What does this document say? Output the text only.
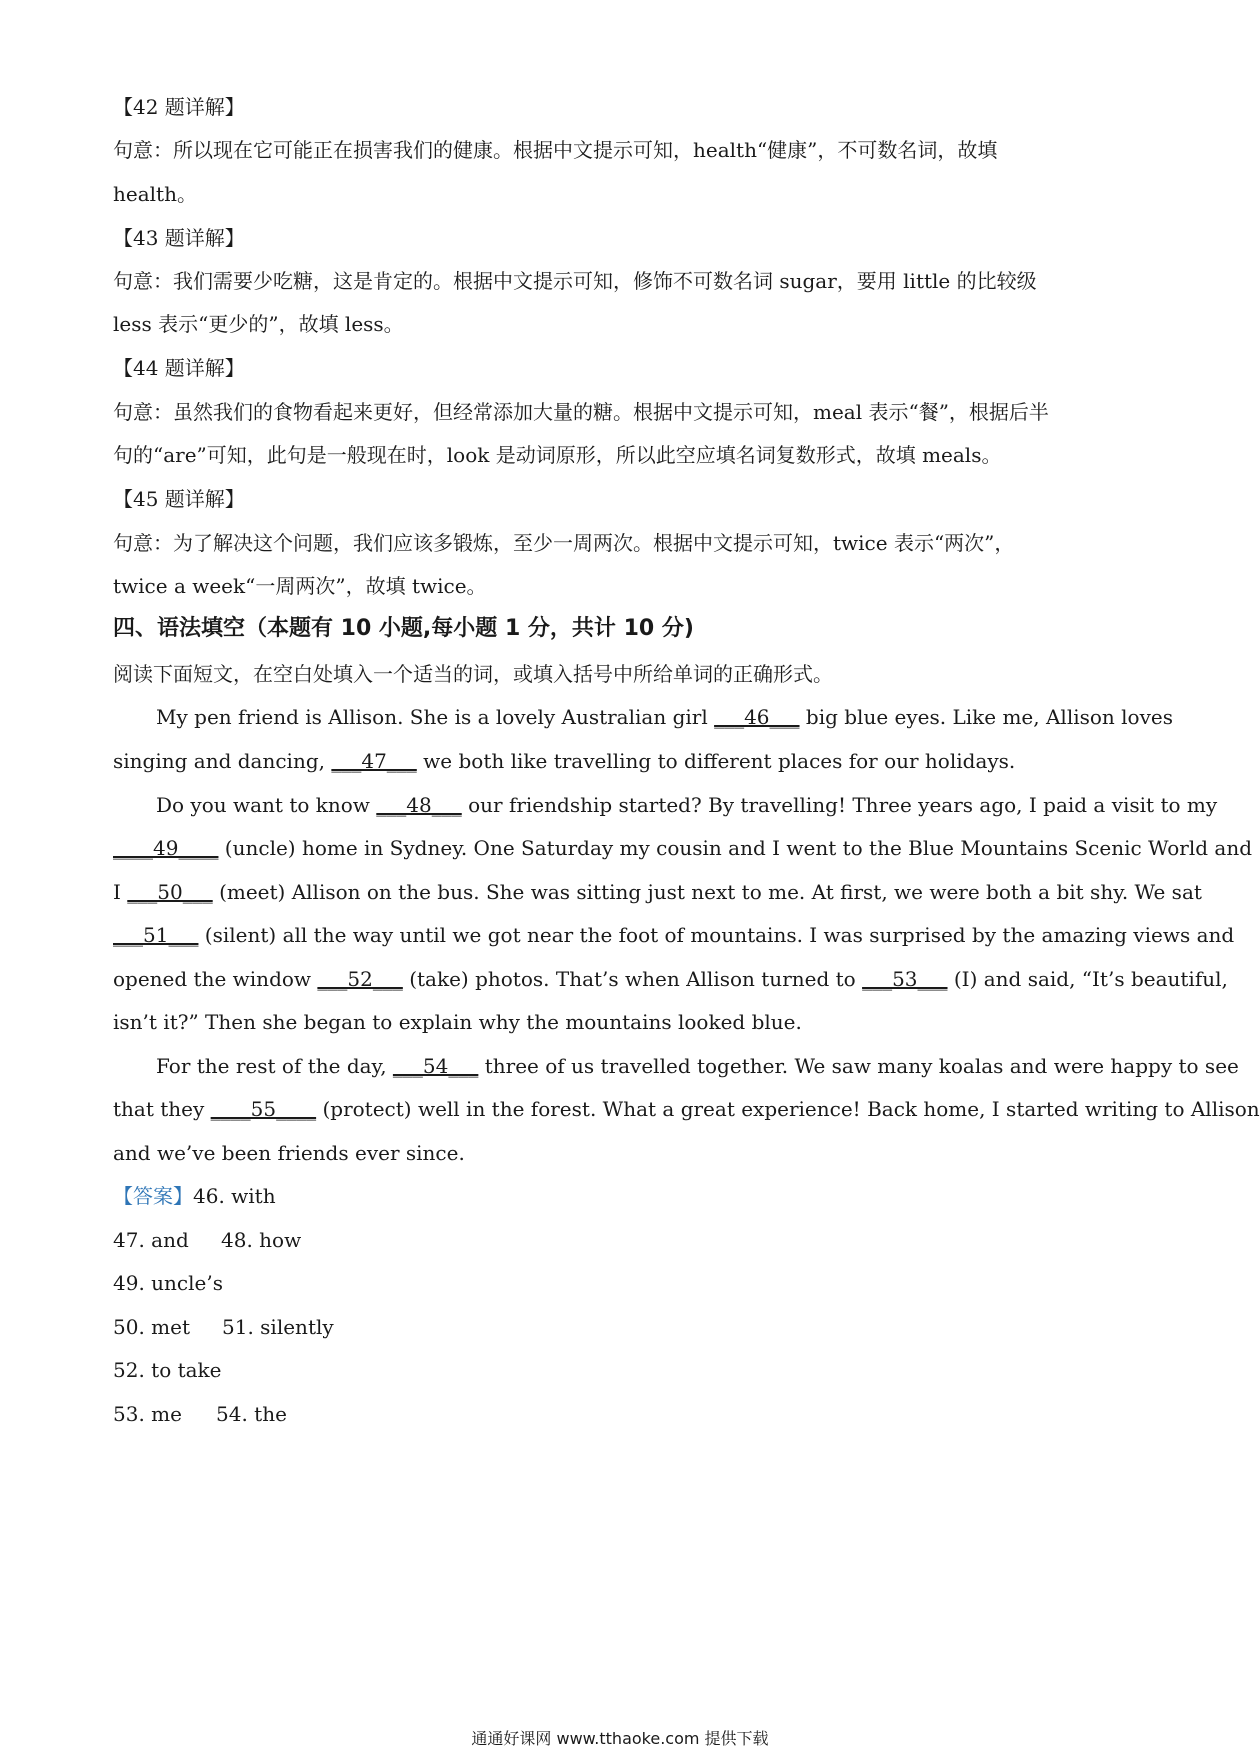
【42 题详解】
句意：所以现在它可能正在损害我们的健康。根据中文提示可知，health“健康”，不可数名词，故填
health。
【43 题详解】
句意：我们需要少吃糖，这是肯定的。根据中文提示可知，修饰不可数名词 sugar，要用 little 的比较级
less 表示“更少的”，故填 less。
【44 题详解】
句意：虽然我们的食物看起来更好，但经常添加大量的糖。根据中文提示可知，meal 表示“餐”，根据后半
句的“are”可知，此句是一般现在时，look 是动词原形，所以此空应填名词复数形式，故填 meals。
【45 题详解】
句意：为了解决这个问题，我们应该多锻炼，至少一周两次。根据中文提示可知，twice 表示“两次”，
twice a week“一周两次”，故填 twice。
四、语法填空（本题有 10 小题,每小题 1 分，共计 10 分)
阅读下面短文，在空白处填入一个适当的词，或填入括号中所给单词的正确形式。
My pen friend is Allison. She is a lovely Australian girl ___46___ big blue eyes. Like me, Allison loves
singing and dancing, ___47___ we both like travelling to different places for our holidays.
Do you want to know ___48___ our friendship started? By travelling! Three years ago, I paid a visit to my
____49____ (uncle) home in Sydney. One Saturday my cousin and I went to the Blue Mountains Scenic World and
I ___50___ (meet) Allison on the bus. She was sitting just next to me. At first, we were both a bit shy. We sat
___51___ (silent) all the way until we got near the foot of mountains. I was surprised by the amazing views and
opened the window ___52___ (take) photos. That’s when Allison turned to ___53___ (I) and said, “It’s beautiful,
isn’t it?” Then she began to explain why the mountains looked blue.
For the rest of the day, ___54___ three of us travelled together. We saw many koalas and were happy to see
that they ____55____ (protect) well in the forest. What a great experience! Back home, I started writing to Allison
and we’ve been friends ever since.
【答案】46. with
47. and 48. how
49. uncle’s
50. met 51. silently
52. to take
53. me 54. the
通通好课网 www.tthaoke.com 提供下载
